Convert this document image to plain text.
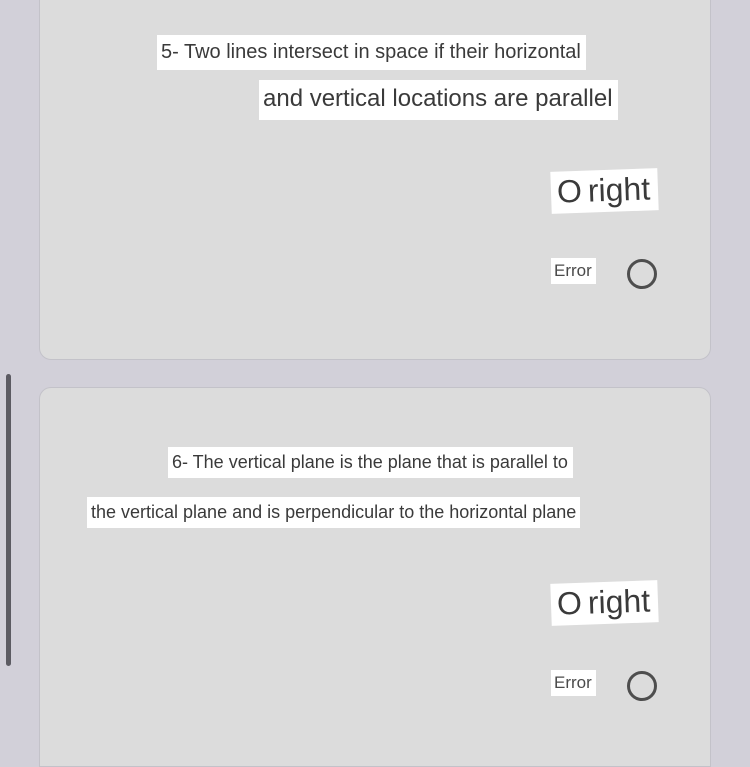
5- Two lines intersect in space if their horizontal
and vertical locations are parallel
O right
Error
6- The vertical plane is the plane that is parallel to
the vertical plane and is perpendicular to the horizontal plane
O right
Error
